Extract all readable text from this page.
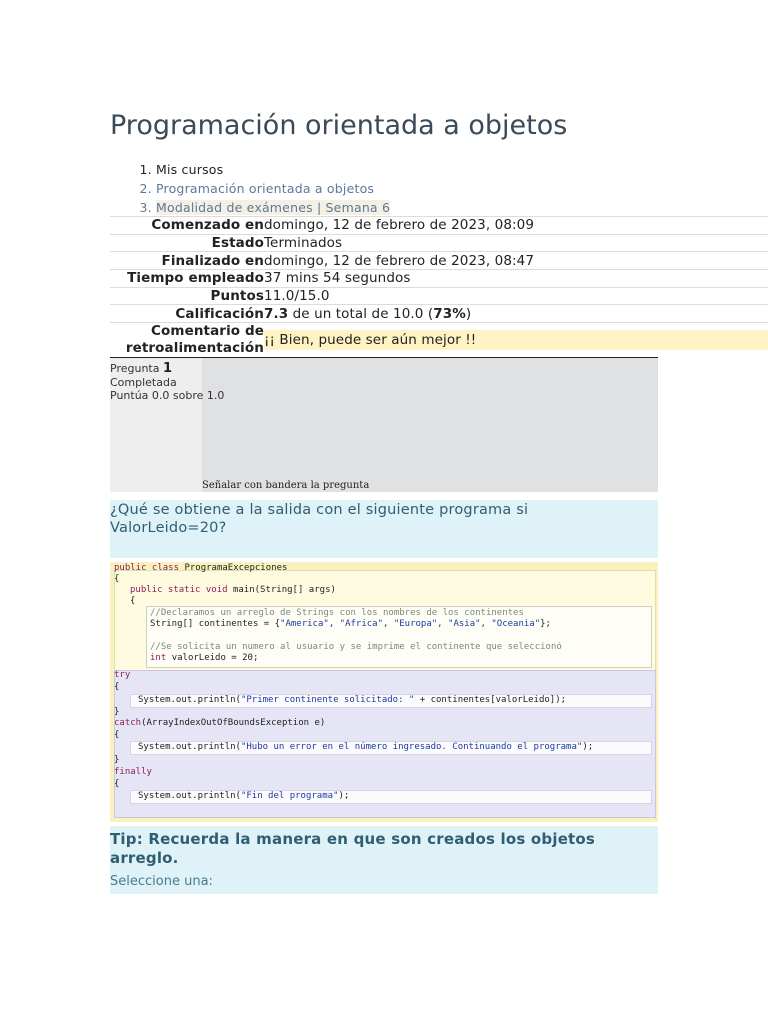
Programación orientada a objetos
1. Mis cursos
2. Programación orientada a objetos
3. Modalidad de exámenes | Semana 6
Comenzado en	domingo, 12 de febrero de 2023, 08:09
Estado	Terminados
Finalizado en	domingo, 12 de febrero de 2023, 08:47
Tiempo empleado	37 mins 54 segundos
Puntos	11.0/15.0
Calificación	7.3 de un total de 10.0 (73%)
Comentario de
retroalimentación	¡¡ Bien, puede ser aún mejor !!
Pregunta 1
Completada
Puntúa 0.0 sobre 1.0
Señalar con bandera la pregunta

¿Qué se obtiene a la salida con el siguiente programa si
ValorLeido=20?

public class ProgramaExcepciones
{
public static void main(String[] args)
{
//Declaramos un arreglo de Strings con los nombres de los continentes
String[] continentes = {"America", "Africa", "Europa", "Asia", "Oceania"};
//Se solicita un numero al usuario y se imprime el continente que seleccionó
int valorLeido = 20;
try
{
System.out.println("Primer continente solicitado: " + continentes[valorLeido]);
}
catch(ArrayIndexOutOfBoundsException e)
{
System.out.println("Hubo un error en el número ingresado. Continuando el programa");
}
finally
{
System.out.println("Fin del programa");

Tip: Recuerda la manera en que son creados los objetos
arreglo.

Seleccione una:
